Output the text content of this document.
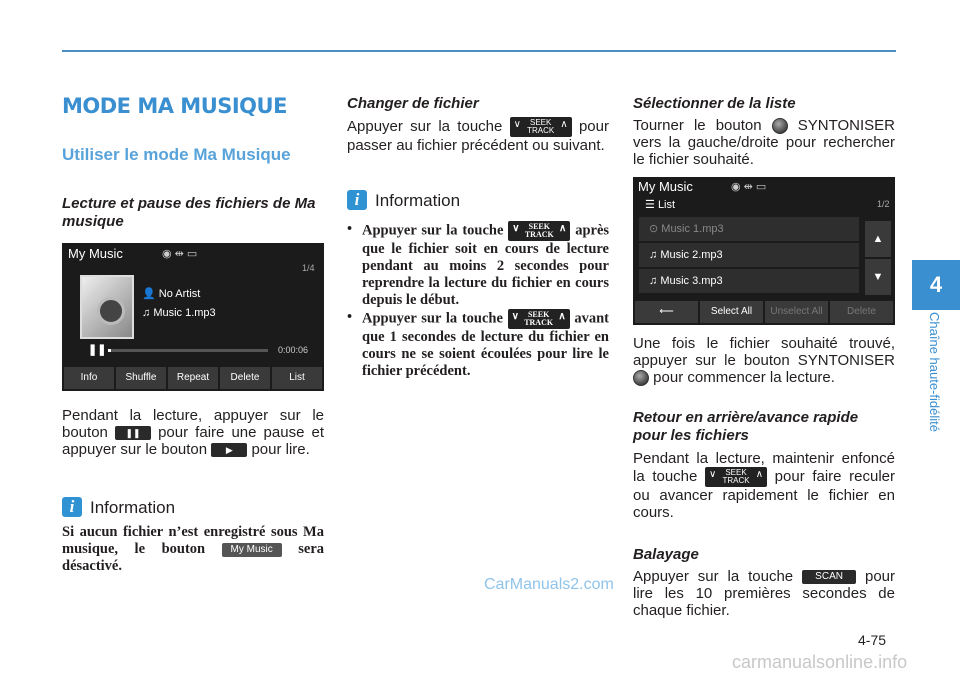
MODE MA MUSIQUE
Utiliser le mode Ma Musique
Lecture et pause des fichiers de Ma musique
My Music	◉ ⇹ ▭
1/4
👤 No Artist
♫ Music 1.mp3
❚❚	0:00:06
Info	Shuffle	Repeat	Delete	List
Pendant la lecture, appuyer sur le bouton ❚❚ pour faire une pause et appuyer sur le bouton ▶ pour lire.
i Information
Si aucun fichier n’est enregistré sous Ma musique, le bouton	My Music sera désactivé.
Changer de fichier
Appuyer sur la touche ∨	SEEK
TRACK
∧ pour passer au fichier précédent ou suivant.
i Information
• Appuyer sur la touche ∨	SEEK
TRACK
∧ après que le fichier soit en cours de lecture pendant au moins 2 secondes pour reprendre la lecture du fichier en cours depuis le début.
• Appuyer sur la touche ∨	SEEK
TRACK
∧ avant que 1 secondes de lecture du fichier en cours ne se soient écoulées pour lire le fichier précédent.
Sélectionner de la liste
Tourner le bouton SYNTONISER vers la gauche/droite pour rechercher le fichier souhaité.
My Music	◉ ⇹ ▭
☰ List	1/2
⊙ Music 1.mp3
♫ Music 2.mp3
♫ Music 3.mp3
▲
▼
⟵	Select All	Unselect All	Delete
Une fois le fichier souhaité trouvé, appuyer sur le bouton SYNTONISER  pour commencer la lecture.
Retour en arrière/avance rapide pour les fichiers
Pendant la lecture, maintenir enfoncé la touche ∨	SEEK
TRACK
∧ pour faire reculer ou avancer rapidement le fichier en cours.
Balayage
Appuyer sur la touche SCAN pour lire les 10 premières secondes de chaque fichier.
4
Chaîne haute-fidélité
4-75
CarManuals2.com
carmanualsonline.info
